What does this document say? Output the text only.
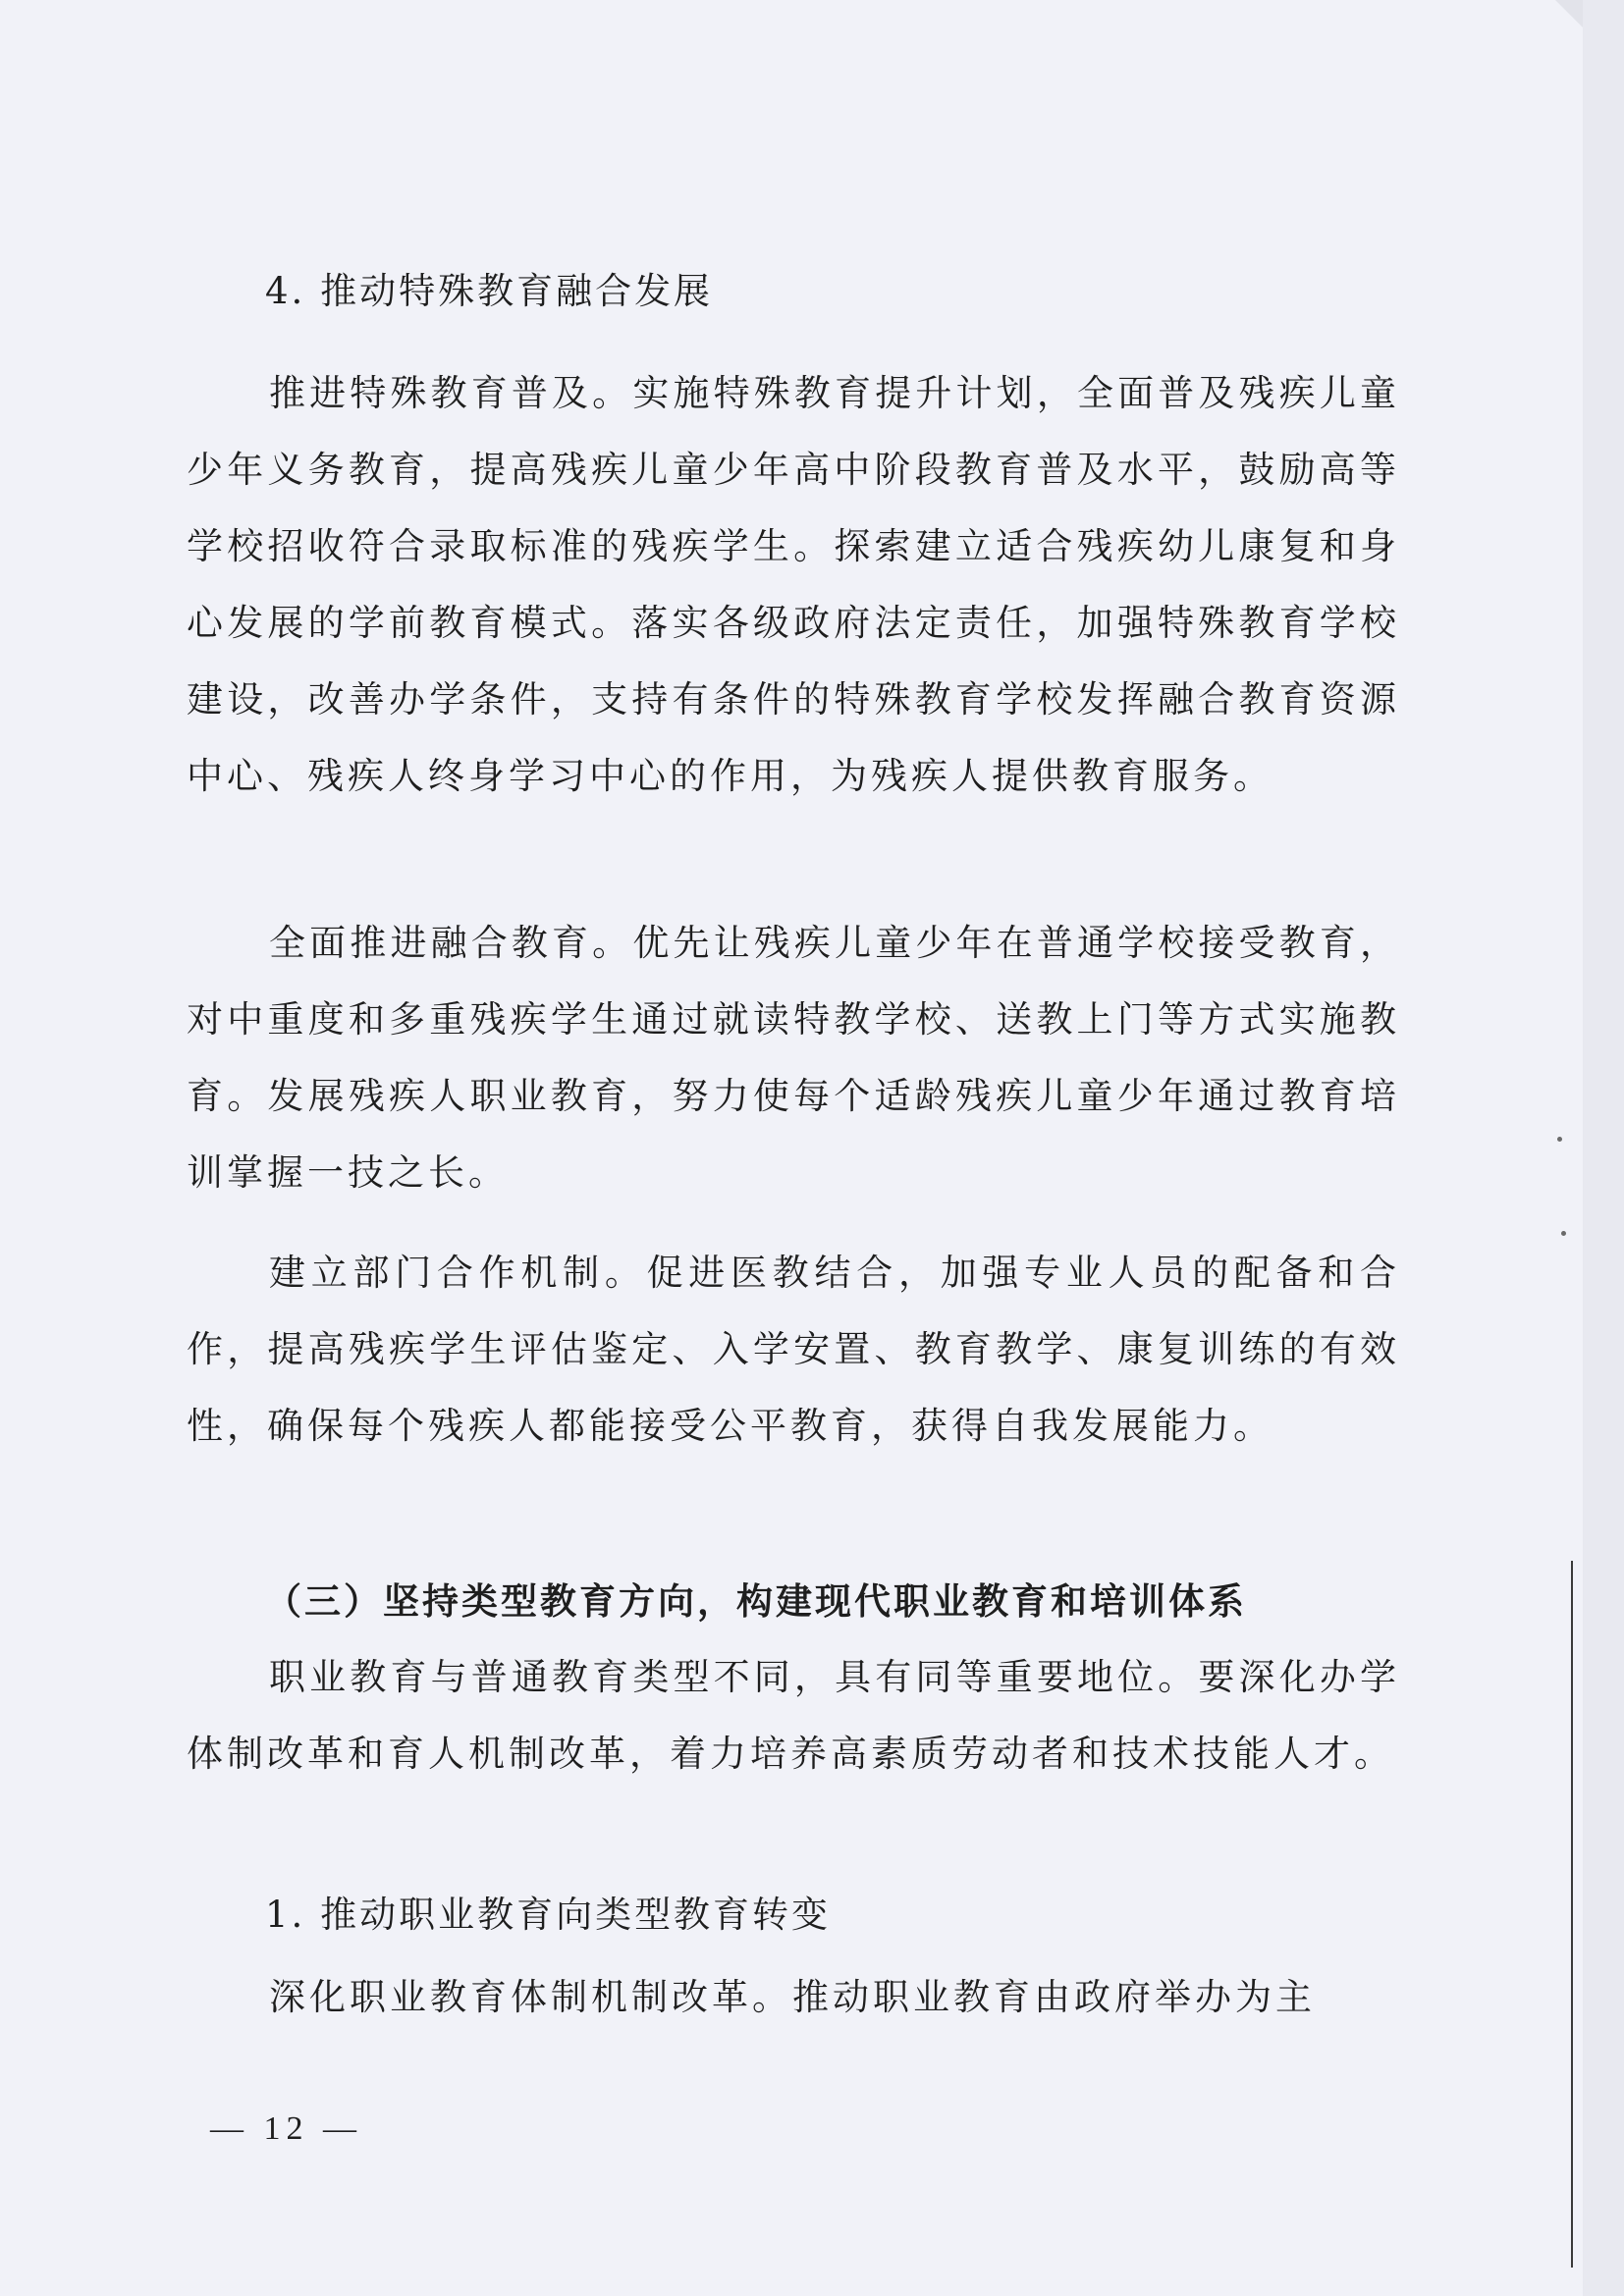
4. 推动特殊教育融合发展

推进特殊教育普及。实施特殊教育提升计划，全面普及残疾儿童少年义务教育，提高残疾儿童少年高中阶段教育普及水平，鼓励高等学校招收符合录取标准的残疾学生。探索建立适合残疾幼儿康复和身心发展的学前教育模式。落实各级政府法定责任，加强特殊教育学校建设，改善办学条件，支持有条件的特殊教育学校发挥融合教育资源中心、残疾人终身学习中心的作用，为残疾人提供教育服务。

全面推进融合教育。优先让残疾儿童少年在普通学校接受教育，对中重度和多重残疾学生通过就读特教学校、送教上门等方式实施教育。发展残疾人职业教育，努力使每个适龄残疾儿童少年通过教育培训掌握一技之长。

建立部门合作机制。促进医教结合，加强专业人员的配备和合作，提高残疾学生评估鉴定、入学安置、教育教学、康复训练的有效性，确保每个残疾人都能接受公平教育，获得自我发展能力。

（三）坚持类型教育方向，构建现代职业教育和培训体系

职业教育与普通教育类型不同，具有同等重要地位。要深化办学体制改革和育人机制改革，着力培养高素质劳动者和技术技能人才。

1. 推动职业教育向类型教育转变

深化职业教育体制机制改革。推动职业教育由政府举办为主

— 12 —
